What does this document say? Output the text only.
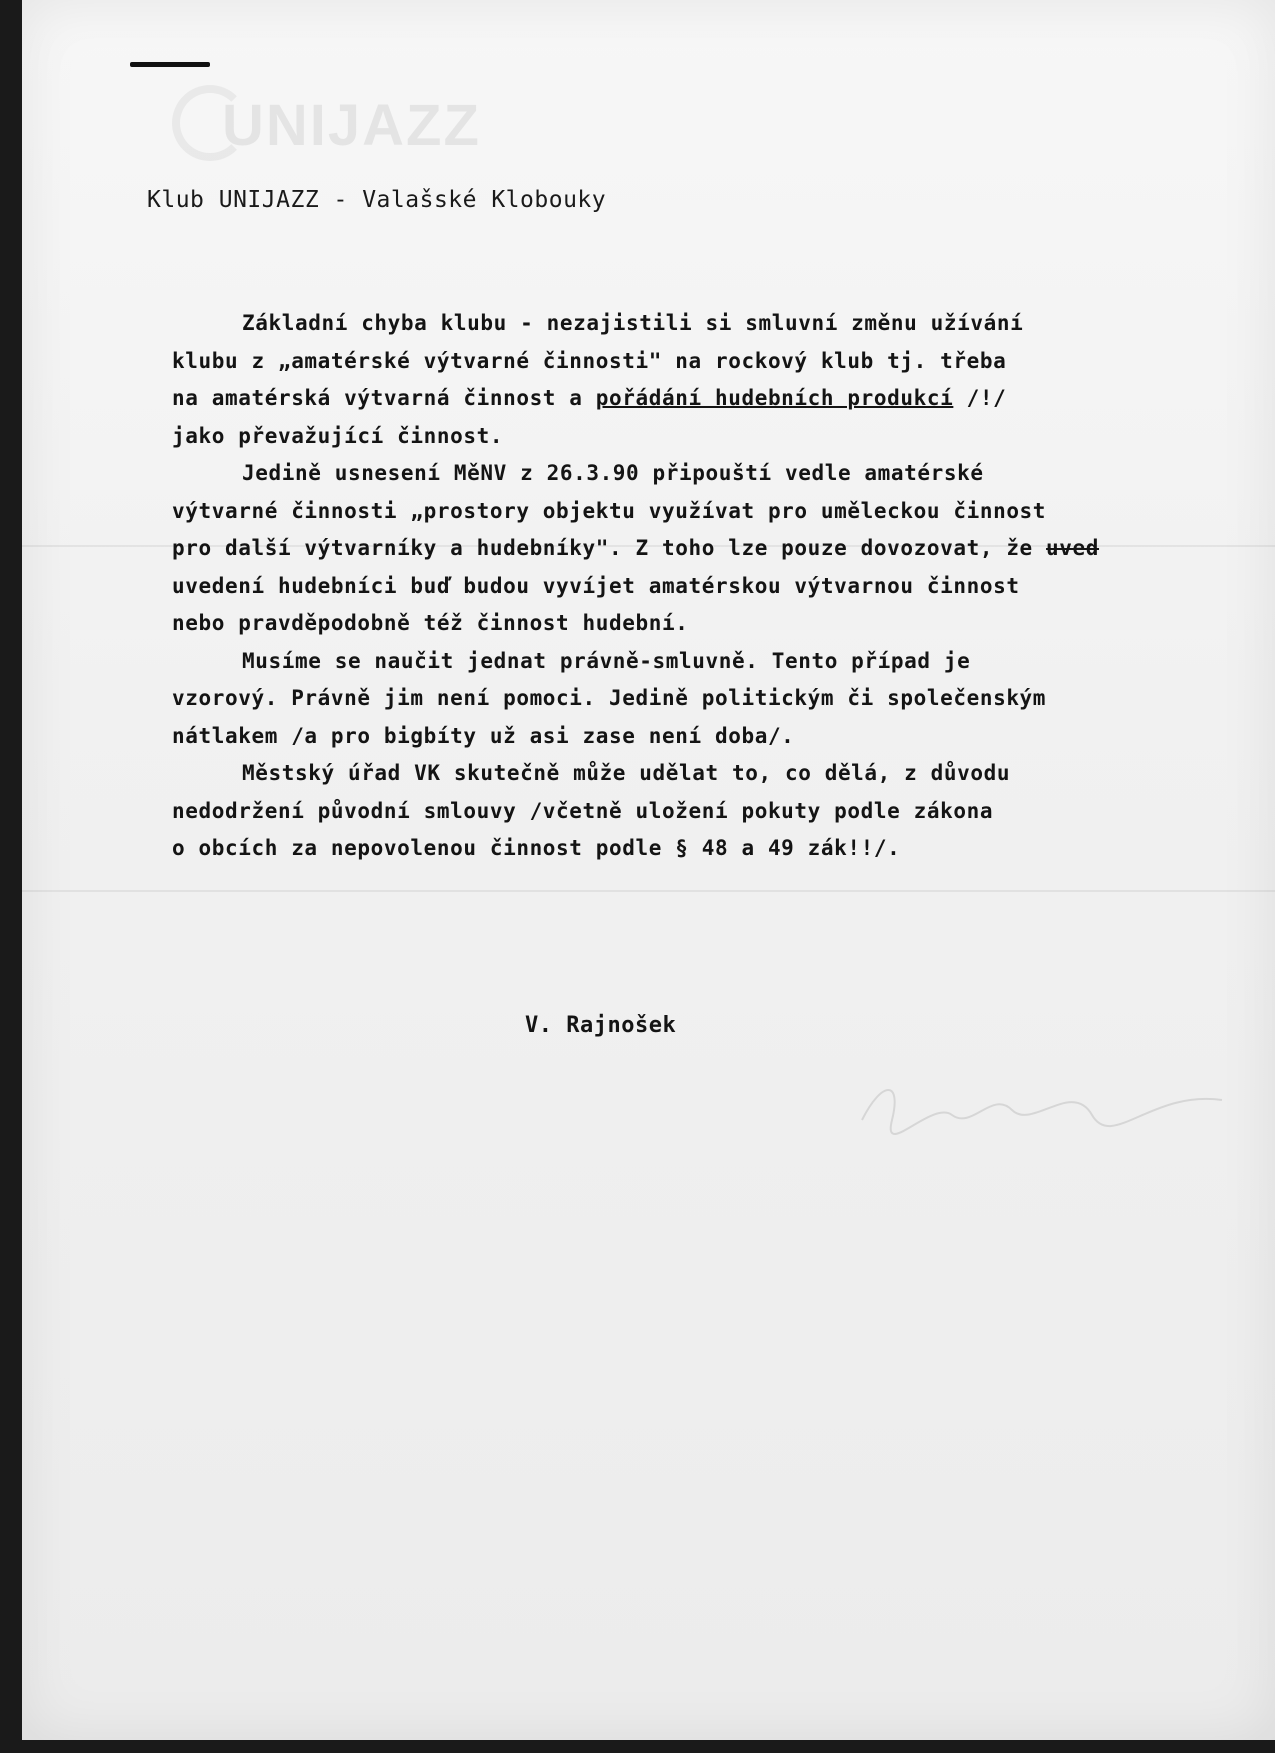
UNIJAZZ
Klub UNIJAZZ - Valašské Klobouky

Základní chyba klubu - nezajistili si smluvní změnu užívání
klubu z „amatérské výtvarné činnosti" na rockový klub tj. třeba
na amatérská výtvarná činnost a pořádání hudebních produkcí /!/
jako převažující činnost.

Jedině usnesení MěNV z 26.3.90 připouští vedle amatérské
výtvarné činnosti „prostory objektu využívat pro uměleckou činnost
pro další výtvarníky a hudebníky". Z toho lze pouze dovozovat, že uved
uvedení hudebníci buď budou vyvíjet amatérskou výtvarnou činnost
nebo pravděpodobně též činnost hudební.

Musíme se naučit jednat právně-smluvně. Tento případ je
vzorový. Právně jim není pomoci. Jedině politickým či společenským
nátlakem /a pro bigbíty už asi zase není doba/.

Městský úřad VK skutečně může udělat to, co dělá, z důvodu
nedodržení původní smlouvy /včetně uložení pokuty podle zákona
o obcích za nepovolenou činnost podle § 48 a 49 zák!!/.

V. Rajnošek
